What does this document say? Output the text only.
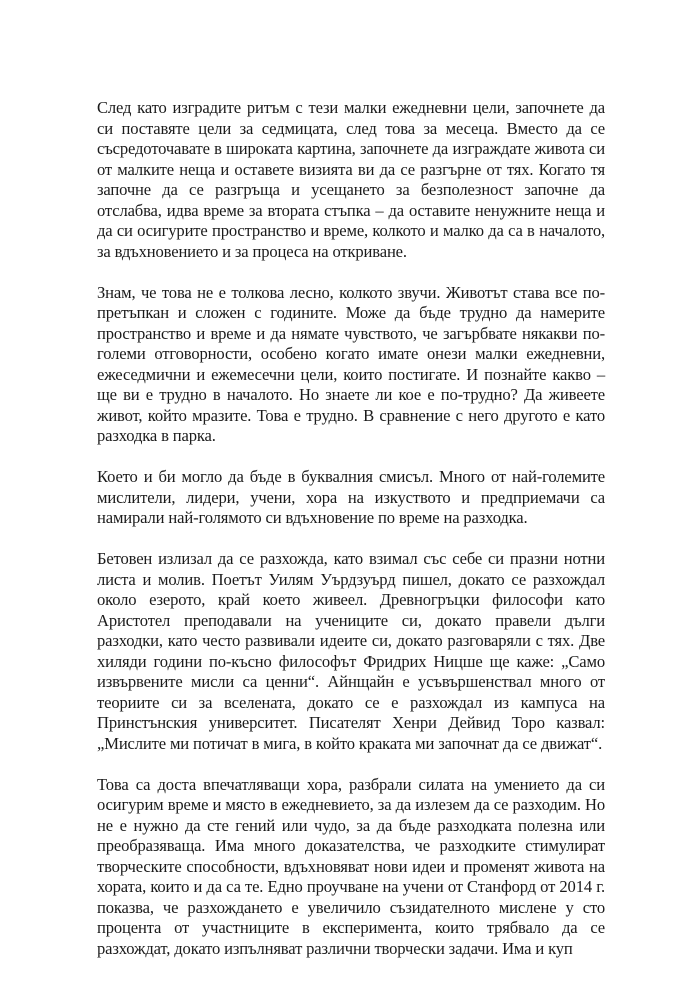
След като изградите ритъм с тези малки ежедневни цели, започнете да си поставяте цели за седмицата, след това за месеца. Вместо да се съсредоточавате в широката картина, започнете да изграждате живота си от малките неща и оставете визията ви да се разгърне от тях. Когато тя започне да се разгръща и усещането за безполезност започне да отслабва, идва време за втората стъпка – да оставите ненужните неща и да си осигурите пространство и време, колкото и малко да са в началото, за вдъхновението и за процеса на откриване.

Знам, че това не е толкова лесно, колкото звучи. Животът става все по-претъпкан и сложен с годините. Може да бъде трудно да намерите пространство и време и да нямате чувството, че загърбвате някакви по-големи отговорности, особено когато имате онези малки ежедневни, ежеседмични и ежемесечни цели, които постигате. И познайте какво – ще ви е трудно в началото. Но знаете ли кое е по-трудно? Да живеете живот, който мразите. Това е трудно. В сравнение с него другото е като разходка в парка.

Което и би могло да бъде в буквалния смисъл. Много от най-големите мислители, лидери, учени, хора на изкуството и предприемачи са намирали най-голямото си вдъхновение по време на разходка.

Бетовен излизал да се разхожда, като взимал със себе си празни нотни листа и молив. Поетът Уилям Уърдзуърд пишел, докато се разхождал около езерото, край което живеел. Древногръцки философи като Аристотел преподавали на учениците си, докато правели дълги разходки, като често развивали идеите си, докато разговаряли с тях. Две хиляди години по-късно философът Фридрих Ницше ще каже: „Само извървените мисли са ценни“. Айнщайн е усъвършенствал много от теориите си за вселената, докато се е разхождал из кампуса на Принстънския университет. Писателят Хенри Дейвид Торо казвал: „Мислите ми потичат в мига, в който краката ми започнат да се движат“.

Това са доста впечатляващи хора, разбрали силата на умението да си осигурим време и място в ежедневието, за да излезем да се разходим. Но не е нужно да сте гений или чудо, за да бъде разходката полезна или преобразяваща. Има много доказателства, че разходките стимулират творческите способности, вдъхновяват нови идеи и променят живота на хората, които и да са те. Едно проучване на учени от Станфорд от 2014 г. показва, че разхождането е увеличило съзидателното мислене у сто процента от участниците в експеримента, които трябвало да се разхождат, докато изпълняват различни творчески задачи. Има и куп
